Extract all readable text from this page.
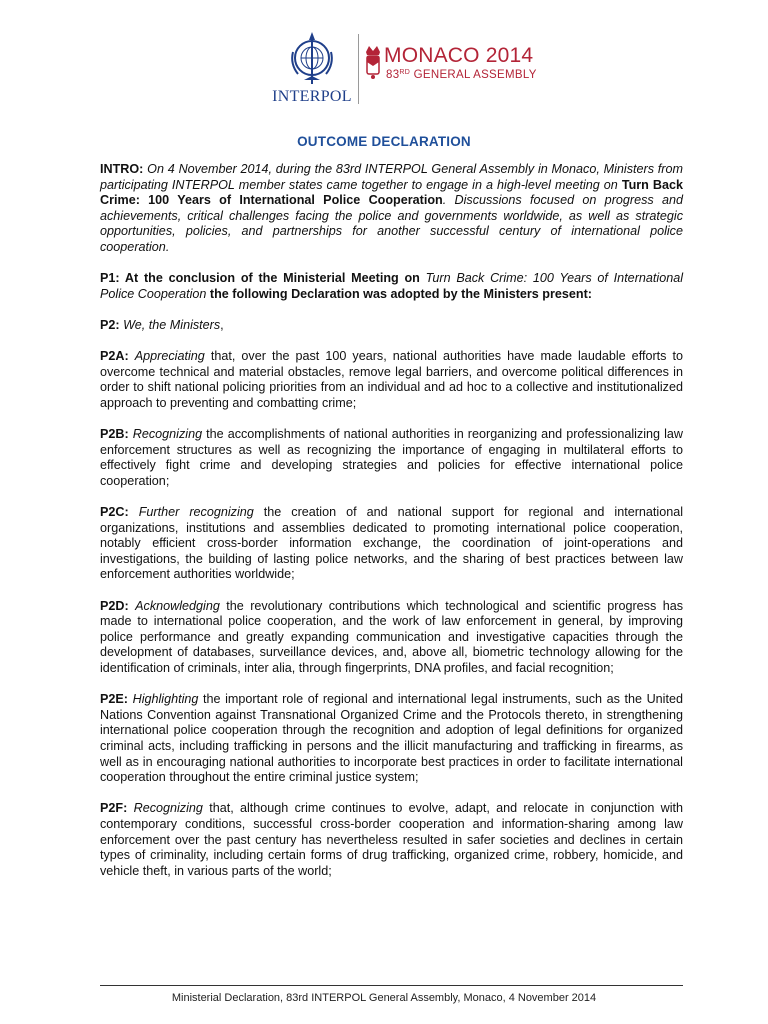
INTERPOL
MONACO 2014
83RD GENERAL ASSEMBLY
OUTCOME DECLARATION

INTRO: On 4 November 2014, during the 83rd INTERPOL General Assembly in Monaco, Ministers from participating INTERPOL member states came together to engage in a high-level meeting on Turn Back Crime: 100 Years of International Police Cooperation. Discussions focused on progress and achievements, critical challenges facing the police and governments worldwide, as well as strategic opportunities, policies, and partnerships for another successful century of international police cooperation.

P1: At the conclusion of the Ministerial Meeting on Turn Back Crime: 100 Years of International Police Cooperation the following Declaration was adopted by the Ministers present:

P2: We, the Ministers,

P2A: Appreciating that, over the past 100 years, national authorities have made laudable efforts to overcome technical and material obstacles, remove legal barriers, and overcome political differences in order to shift national policing priorities from an individual and ad hoc to a collective and institutionalized approach to preventing and combatting crime;

P2B: Recognizing the accomplishments of national authorities in reorganizing and professionalizing law enforcement structures as well as recognizing the importance of engaging in multilateral efforts to effectively fight crime and developing strategies and policies for effective international police cooperation;

P2C: Further recognizing the creation of and national support for regional and international organizations, institutions and assemblies dedicated to promoting international police cooperation, notably efficient cross-border information exchange, the coordination of joint-operations and investigations, the building of lasting police networks, and the sharing of best practices between law enforcement authorities worldwide;

P2D: Acknowledging the revolutionary contributions which technological and scientific progress has made to international police cooperation, and the work of law enforcement in general, by improving police performance and greatly expanding communication and investigative capacities through the development of databases, surveillance devices, and, above all, biometric technology allowing for the identification of criminals, inter alia, through fingerprints, DNA profiles, and facial recognition;

P2E: Highlighting the important role of regional and international legal instruments, such as the United Nations Convention against Transnational Organized Crime and the Protocols thereto, in strengthening international police cooperation through the recognition and adoption of legal definitions for organized criminal acts, including trafficking in persons and the illicit manufacturing and trafficking in firearms, as well as in encouraging national authorities to incorporate best practices in order to facilitate international cooperation throughout the entire criminal justice system;

P2F: Recognizing that, although crime continues to evolve, adapt, and relocate in conjunction with contemporary conditions, successful cross-border cooperation and information-sharing among law enforcement over the past century has nevertheless resulted in safer societies and declines in certain types of criminality, including certain forms of drug trafficking, organized crime, robbery, homicide, and vehicle theft, in various parts of the world;

Ministerial Declaration, 83rd INTERPOL General Assembly, Monaco, 4 November 2014
